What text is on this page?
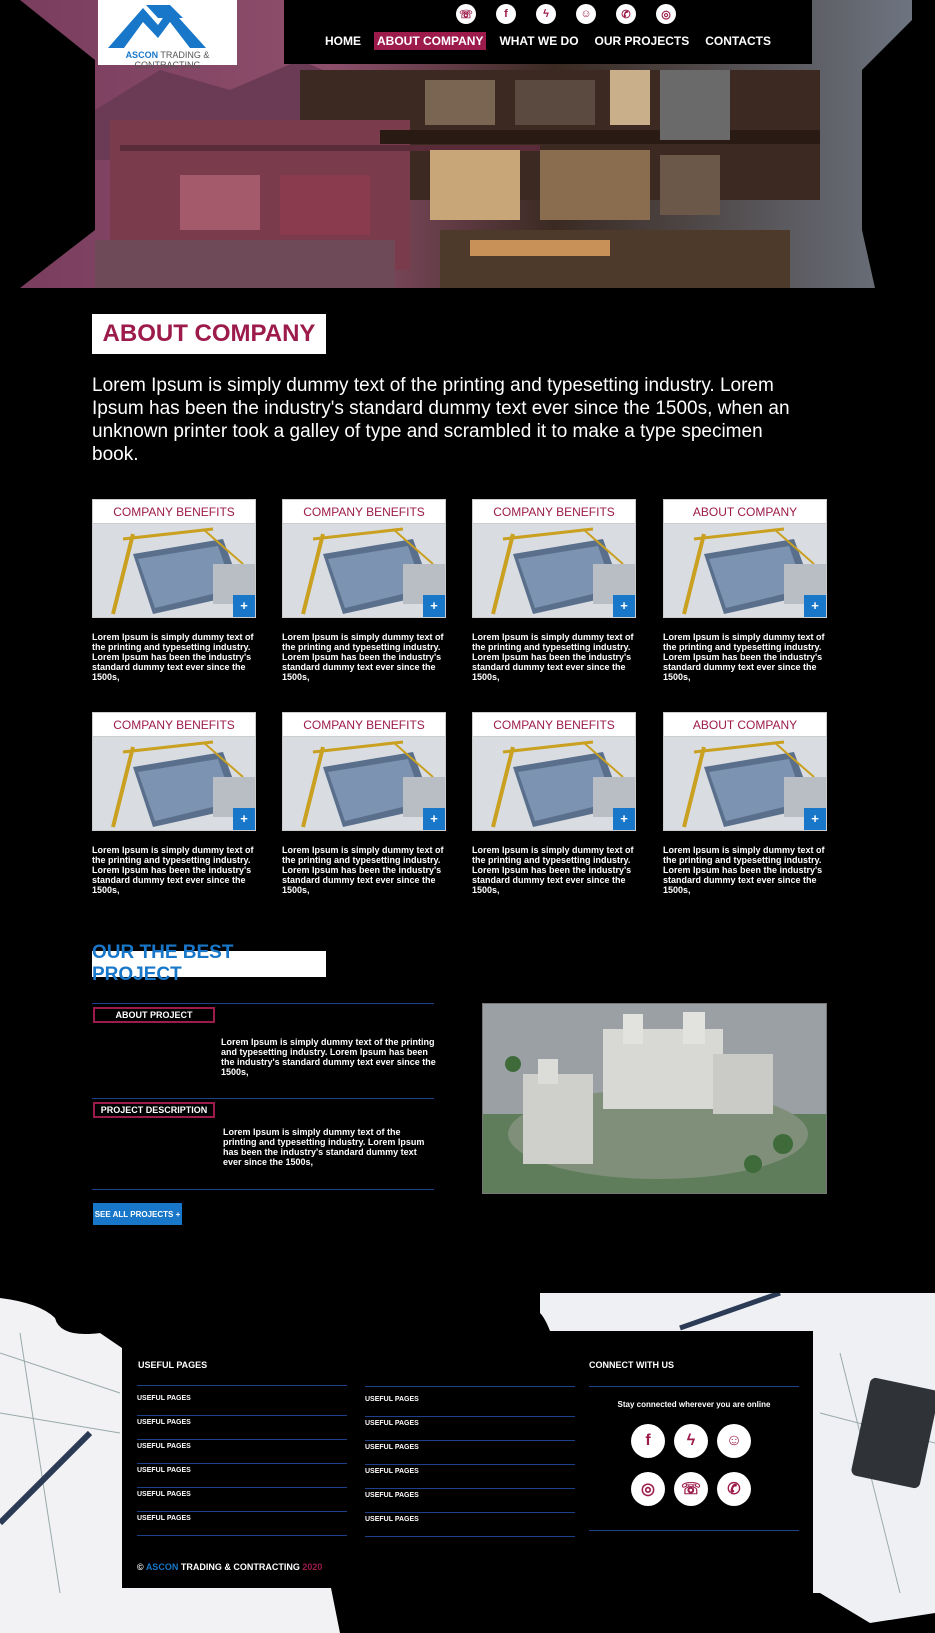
ASCON TRADING & CONTRACTING
☏	f	ϟ	☺	✆	◎
HOME ABOUT COMPANY WHAT WE DO OUR PROJECTS CONTACTS
ABOUT COMPANY
Lorem Ipsum is simply dummy text of the printing and typesetting industry. Lorem Ipsum has been the industry's standard dummy text ever since the 1500s, when an unknown printer took a galley of type and scrambled it to make a type specimen book.
COMPANY BENEFITS
+
Lorem Ipsum is simply dummy text of the printing and typesetting industry. Lorem Ipsum has been the industry's standard dummy text ever since the 1500s,
COMPANY BENEFITS
+
Lorem Ipsum is simply dummy text of the printing and typesetting industry. Lorem Ipsum has been the industry's standard dummy text ever since the 1500s,
COMPANY BENEFITS
+
Lorem Ipsum is simply dummy text of the printing and typesetting industry. Lorem Ipsum has been the industry's standard dummy text ever since the 1500s,
ABOUT COMPANY
+
Lorem Ipsum is simply dummy text of the printing and typesetting industry. Lorem Ipsum has been the industry's standard dummy text ever since the 1500s,
COMPANY BENEFITS
+
Lorem Ipsum is simply dummy text of the printing and typesetting industry. Lorem Ipsum has been the industry's standard dummy text ever since the 1500s,
COMPANY BENEFITS
+
Lorem Ipsum is simply dummy text of the printing and typesetting industry. Lorem Ipsum has been the industry's standard dummy text ever since the 1500s,
COMPANY BENEFITS
+
Lorem Ipsum is simply dummy text of the printing and typesetting industry. Lorem Ipsum has been the industry's standard dummy text ever since the 1500s,
ABOUT COMPANY
+
Lorem Ipsum is simply dummy text of the printing and typesetting industry. Lorem Ipsum has been the industry's standard dummy text ever since the 1500s,
OUR THE BEST PROJECT
ABOUT PROJECT
Lorem Ipsum is simply dummy text of the printing and typesetting industry. Lorem Ipsum has been the industry's standard dummy text ever since the 1500s,
PROJECT DESCRIPTION
Lorem Ipsum is simply dummy text of the printing and typesetting industry. Lorem Ipsum has been the industry's standard dummy text ever since the 1500s,
SEE ALL PROJECTS
+
USEFUL PAGES
USEFUL PAGES
USEFUL PAGES
USEFUL PAGES
USEFUL PAGES
USEFUL PAGES
USEFUL PAGES
USEFUL PAGES
USEFUL PAGES
USEFUL PAGES
USEFUL PAGES
USEFUL PAGES
USEFUL PAGES
CONNECT WITH US
Stay connected wherever you are online
f	ϟ	☺
◎	☏	✆
© ASCON TRADING & CONTRACTING 2020
